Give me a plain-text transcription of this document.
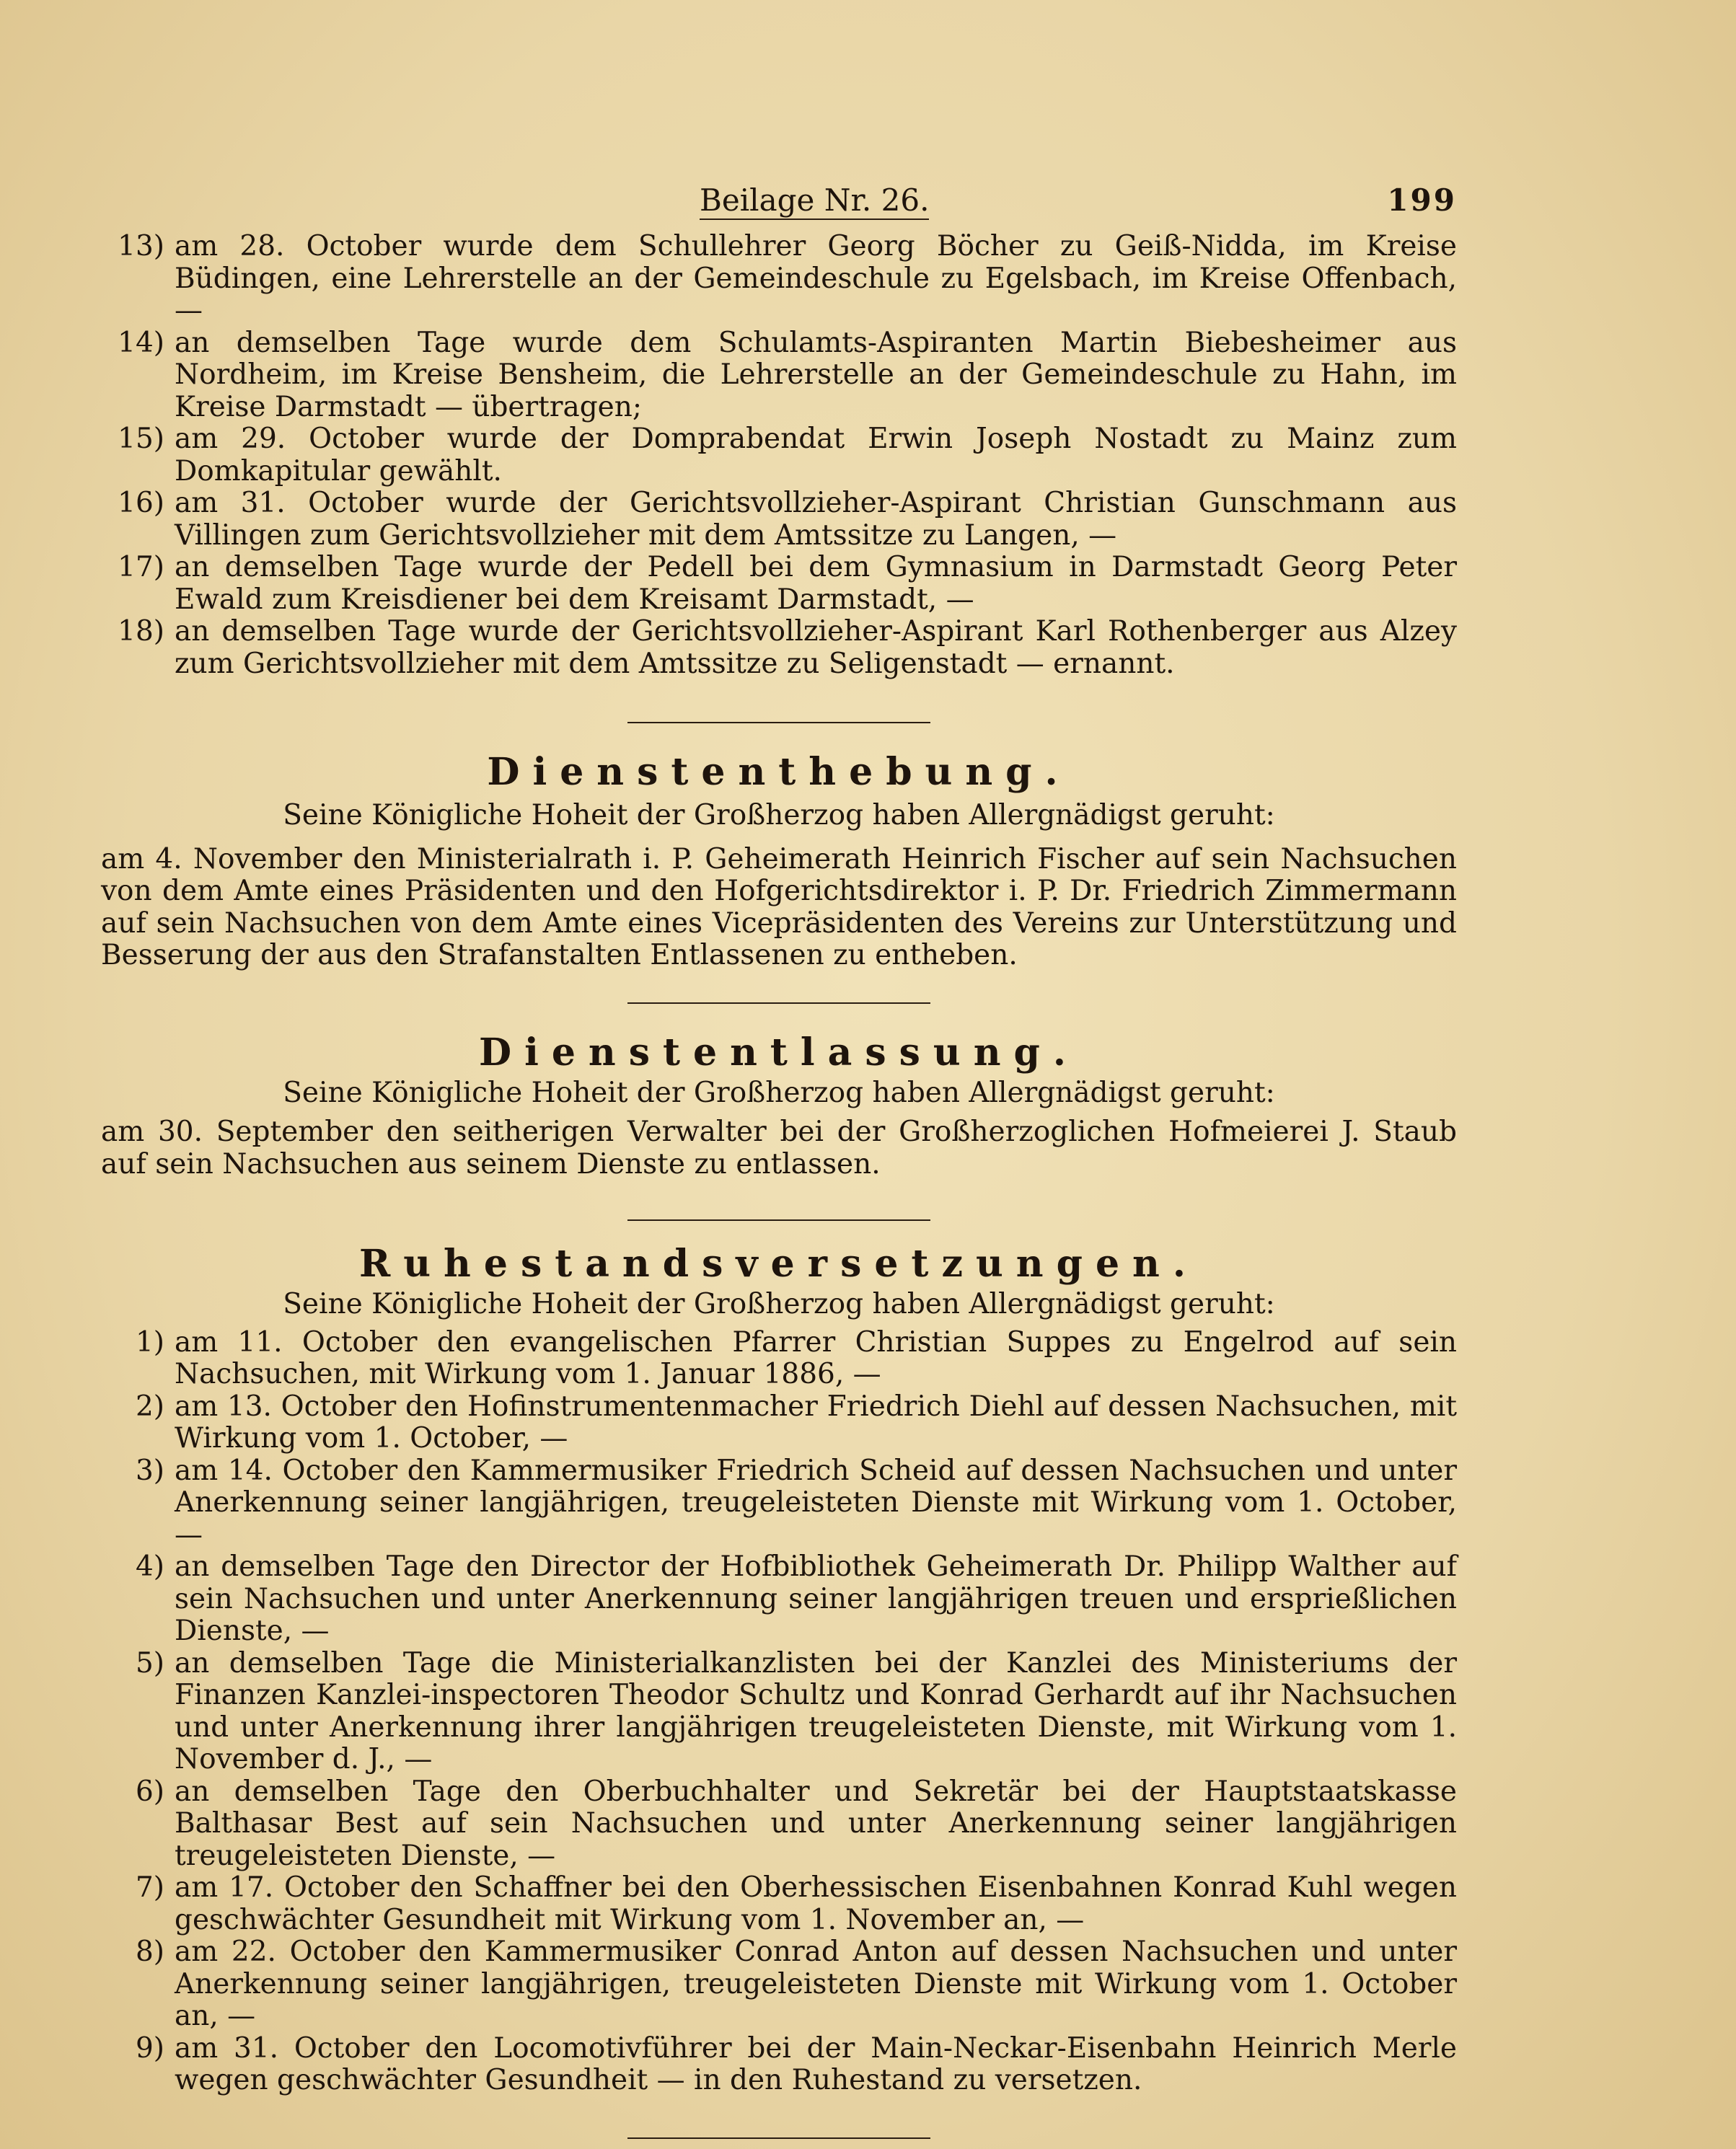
Beilage Nr. 26.	199
13) am 28. October wurde dem Schullehrer Georg Böcher zu Geiß-Nidda, im Kreise Büdingen, eine Lehrerstelle an der Gemeindeschule zu Egelsbach, im Kreise Offenbach, —
14) an demselben Tage wurde dem Schulamts-Aspiranten Martin Biebesheimer aus Nordheim, im Kreise Bensheim, die Lehrerstelle an der Gemeindeschule zu Hahn, im Kreise Darmstadt — übertragen;
15) am 29. October wurde der Domprabendat Erwin Joseph Nostadt zu Mainz zum Domkapitular gewählt.
16) am 31. October wurde der Gerichtsvollzieher-Aspirant Christian Gunschmann aus Villingen zum Gerichtsvollzieher mit dem Amtssitze zu Langen, —
17) an demselben Tage wurde der Pedell bei dem Gymnasium in Darmstadt Georg Peter Ewald zum Kreisdiener bei dem Kreisamt Darmstadt, —
18) an demselben Tage wurde der Gerichtsvollzieher-Aspirant Karl Rothenberger aus Alzey zum Gerichtsvollzieher mit dem Amtssitze zu Seligenstadt — ernannt.
Dienstenthebung.
Seine Königliche Hoheit der Großherzog haben Allergnädigst geruht:
am 4. November den Ministerialrath i. P. Geheimerath Heinrich Fischer auf sein Nachsuchen von dem Amte eines Präsidenten und den Hofgerichtsdirektor i. P. Dr. Friedrich Zimmermann auf sein Nachsuchen von dem Amte eines Vicepräsidenten des Vereins zur Unterstützung und Besserung der aus den Strafanstalten Entlassenen zu entheben.
Dienstentlassung.
Seine Königliche Hoheit der Großherzog haben Allergnädigst geruht:
am 30. September den seitherigen Verwalter bei der Großherzoglichen Hofmeierei J. Staub auf sein Nachsuchen aus seinem Dienste zu entlassen.
Ruhestandsversetzungen.
Seine Königliche Hoheit der Großherzog haben Allergnädigst geruht:
1) am 11. October den evangelischen Pfarrer Christian Suppes zu Engelrod auf sein Nachsuchen, mit Wirkung vom 1. Januar 1886, —
2) am 13. October den Hofinstrumentenmacher Friedrich Diehl auf dessen Nachsuchen, mit Wirkung vom 1. October, —
3) am 14. October den Kammermusiker Friedrich Scheid auf dessen Nachsuchen und unter Anerkennung seiner langjährigen, treugeleisteten Dienste mit Wirkung vom 1. October, —
4) an demselben Tage den Director der Hofbibliothek Geheimerath Dr. Philipp Walther auf sein Nachsuchen und unter Anerkennung seiner langjährigen treuen und ersprießlichen Dienste, —
5) an demselben Tage die Ministerialkanzlisten bei der Kanzlei des Ministeriums der Finanzen Kanzlei-inspectoren Theodor Schultz und Konrad Gerhardt auf ihr Nachsuchen und unter Anerkennung ihrer langjährigen treugeleisteten Dienste, mit Wirkung vom 1. November d. J., —
6) an demselben Tage den Oberbuchhalter und Sekretär bei der Hauptstaatskasse Balthasar Best auf sein Nachsuchen und unter Anerkennung seiner langjährigen treugeleisteten Dienste, —
7) am 17. October den Schaffner bei den Oberhessischen Eisenbahnen Konrad Kuhl wegen geschwächter Gesundheit mit Wirkung vom 1. November an, —
8) am 22. October den Kammermusiker Conrad Anton auf dessen Nachsuchen und unter Anerkennung seiner langjährigen, treugeleisteten Dienste mit Wirkung vom 1. October an, —
9) am 31. October den Locomotivführer bei der Main-Neckar-Eisenbahn Heinrich Merle wegen geschwächter Gesundheit — in den Ruhestand zu versetzen.
